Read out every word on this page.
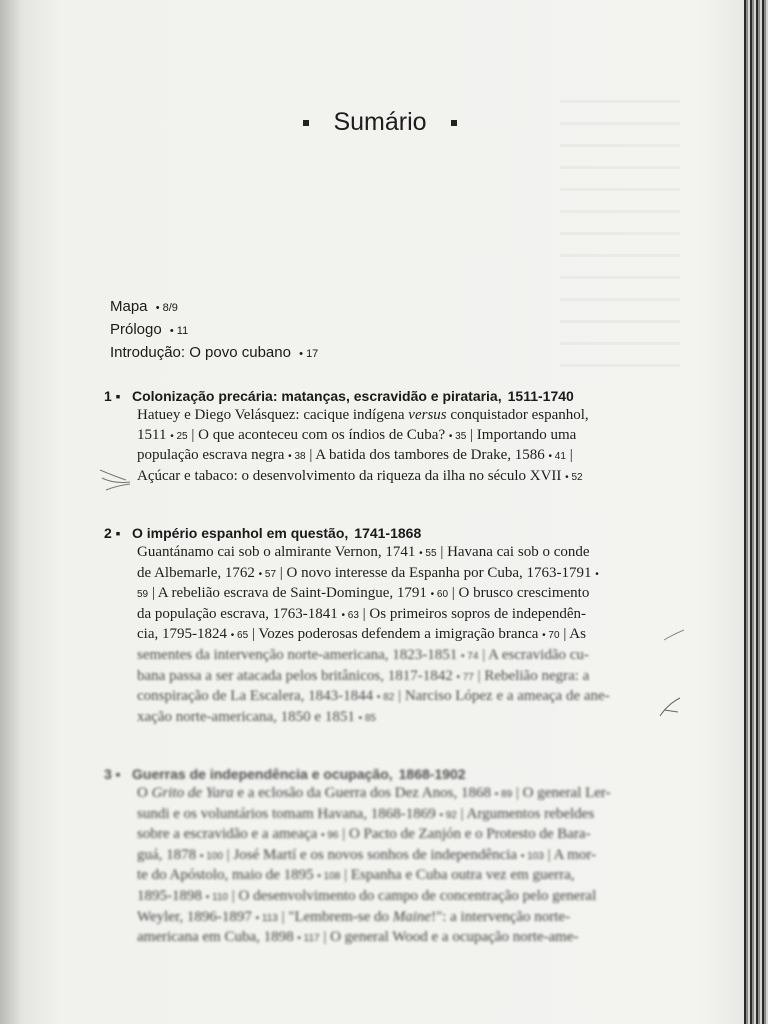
Sumário
Mapa • 8/9
Prólogo • 11
Introdução: O povo cubano • 17
1 ▪ Colonização precária: matanças, escravidão e pirataria, 1511-1740
Hatuey e Diego Velásquez: cacique indígena versus conquistador espanhol,
1511 • 25 | O que aconteceu com os índios de Cuba? • 35 | Importando uma
população escrava negra • 38 | A batida dos tambores de Drake, 1586 • 41 |
Açúcar e tabaco: o desenvolvimento da riqueza da ilha no século XVII • 52
2 ▪ O império espanhol em questão, 1741-1868
Guantánamo cai sob o almirante Vernon, 1741 • 55 | Havana cai sob o conde
de Albemarle, 1762 • 57 | O novo interesse da Espanha por Cuba, 1763-1791 •
59 | A rebelião escrava de Saint-Domingue, 1791 • 60 | O brusco crescimento
da população escrava, 1763-1841 • 63 | Os primeiros sopros de independên-
cia, 1795-1824 • 65 | Vozes poderosas defendem a imigração branca • 70 | As
sementes da intervenção norte-americana, 1823-1851 • 74 | A escravidão cu-
bana passa a ser atacada pelos britânicos, 1817-1842 • 77 | Rebelião negra: a
conspiração de La Escalera, 1843-1844 • 82 | Narciso López e a ameaça de ane-
xação norte-americana, 1850 e 1851 • 85
3 ▪ Guerras de independência e ocupação, 1868-1902
O Grito de Yara e a eclosão da Guerra dos Dez Anos, 1868 • 89 | O general Ler-
sundi e os voluntários tomam Havana, 1868-1869 • 92 | Argumentos rebeldes
sobre a escravidão e a ameaça • 96 | O Pacto de Zanjón e o Protesto de Bara-
guá, 1878 • 100 | José Martí e os novos sonhos de independência • 103 | A mor-
te do Apóstolo, maio de 1895 • 108 | Espanha e Cuba outra vez em guerra,
1895-1898 • 110 | O desenvolvimento do campo de concentração pelo general
Weyler, 1896-1897 • 113 | "Lembrem-se do Maine!": a intervenção norte-
americana em Cuba, 1898 • 117 | O general Wood e a ocupação norte-ame-
